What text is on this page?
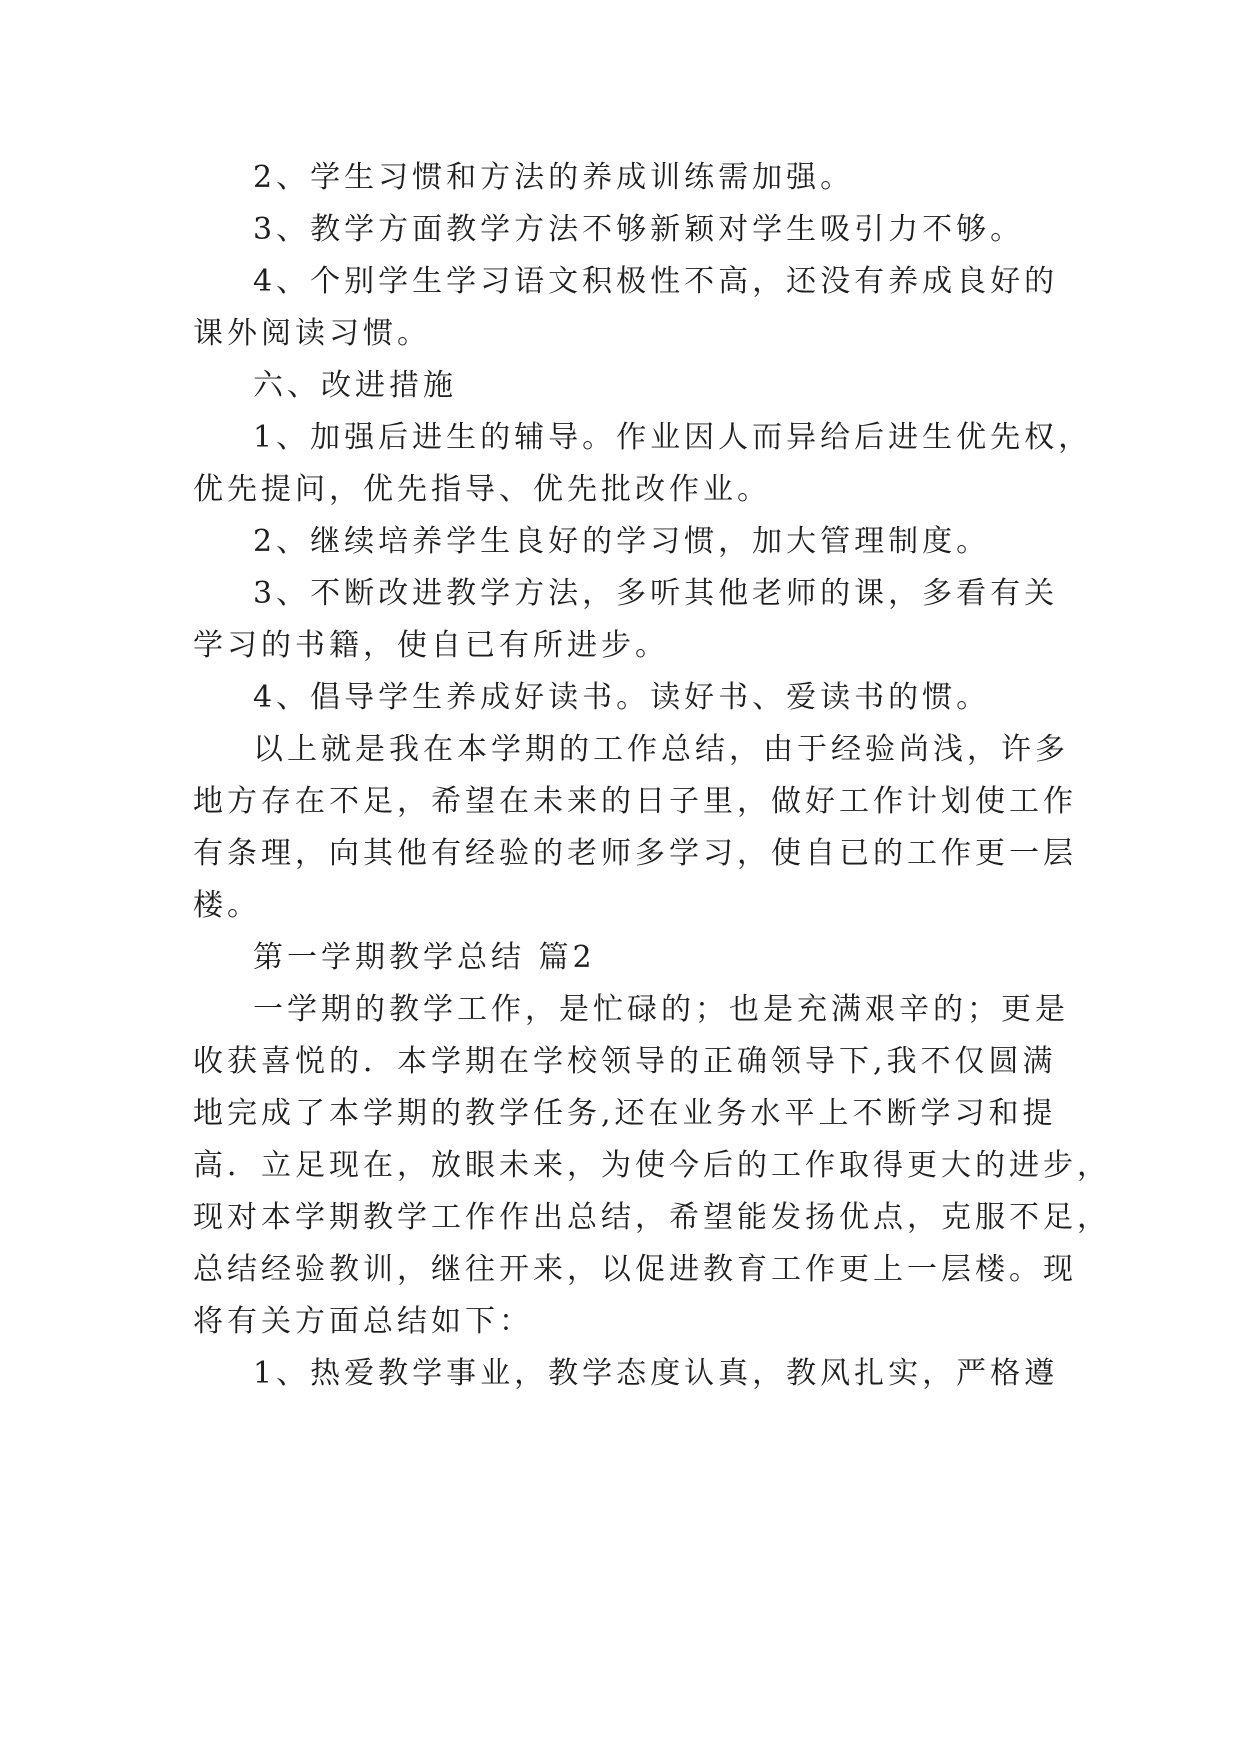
2、学生习惯和方法的养成训练需加强。
3、教学方面教学方法不够新颖对学生吸引力不够。
4、个别学生学习语文积极性不高，还没有养成良好的
课外阅读习惯。
六、改进措施
1、加强后进生的辅导。作业因人而异给后进生优先权，
优先提问，优先指导、优先批改作业。
2、继续培养学生良好的学习惯，加大管理制度。
3、不断改进教学方法，多听其他老师的课，多看有关
学习的书籍，使自已有所进步。
4、倡导学生养成好读书。读好书、爱读书的惯。
以上就是我在本学期的工作总结，由于经验尚浅，许多
地方存在不足，希望在未来的日子里，做好工作计划使工作
有条理，向其他有经验的老师多学习，使自已的工作更一层
楼。
第一学期教学总结 篇2
一学期的教学工作，是忙碌的；也是充满艰辛的；更是
收获喜悦的．本学期在学校领导的正确领导下,我不仅圆满
地完成了本学期的教学任务,还在业务水平上不断学习和提
高．立足现在，放眼未来，为使今后的工作取得更大的进步，
现对本学期教学工作作出总结，希望能发扬优点，克服不足，
总结经验教训，继往开来，以促进教育工作更上一层楼。现
将有关方面总结如下：
1、热爱教学事业，教学态度认真，教风扎实，严格遵
